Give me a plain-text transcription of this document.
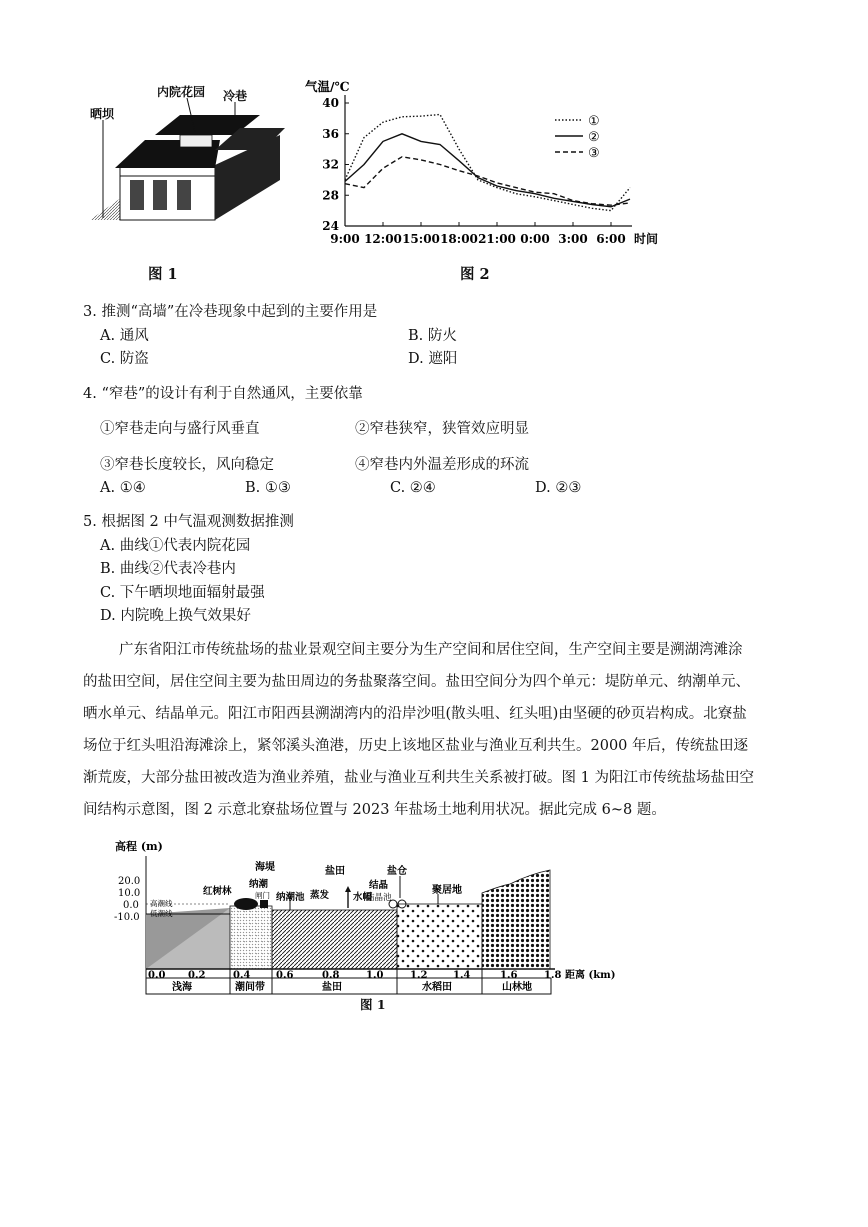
内院花园 冷巷
晒坝
图 1
气温/℃
24
28
32
36
40
9:00 12:00 15:00 18:00 21:00 0:00 3:00 6:00 时间
①
②
③
图 2
3. 推测“高墙”在冷巷现象中起到的主要作用是
A. 通风	B. 防火
C. 防盗	D. 遮阳
4. “窄巷”的设计有利于自然通风，主要依靠
①窄巷走向与盛行风垂直	②窄巷狭窄，狭管效应明显
③窄巷长度较长，风向稳定	④窄巷内外温差形成的环流
A. ①④	B. ①③	C. ②④	D. ②③
5. 根据图 2 中气温观测数据推测
A. 曲线①代表内院花园
B. 曲线②代表冷巷内
C. 下午晒坝地面辐射最强
D. 内院晚上换气效果好
广东省阳江市传统盐场的盐业景观空间主要分为生产空间和居住空间，生产空间主要是溯湖湾滩涂
的盐田空间，居住空间主要为盐田周边的务盐聚落空间。盐田空间分为四个单元：堤防单元、纳潮单元、
晒水单元、结晶单元。阳江市阳西县溯湖湾内的沿岸沙咀(散头咀、红头咀)由坚硬的砂页岩构成。北寮盐
场位于红头咀沿海滩涂上，紧邻溪头渔港，历史上该地区盐业与渔业互利共生。2000 年后，传统盐田逐
渐荒废，大部分盐田被改造为渔业养殖，盐业与渔业互利共生关系被打破。图 1 为阳江市传统盐场盐田空
间结构示意图，图 2 示意北寮盐场位置与 2023 年盐场土地利用状况。据此完成 6~8 题。
高程 (m)
20.0
10.0
0.0
-10.0
0.0 0.2	0.4	0.6	0.8	1.0	1.2	1.4	1.6	1.8 距离 (km)
浅海	潮间带	盐田	水稻田	山林地
海堤	盐田	盐仓
红树林
纳潮
闸门 纳潮池 蒸发	水幅
结晶
结晶池
聚居地
高潮线
低潮线
图 1
